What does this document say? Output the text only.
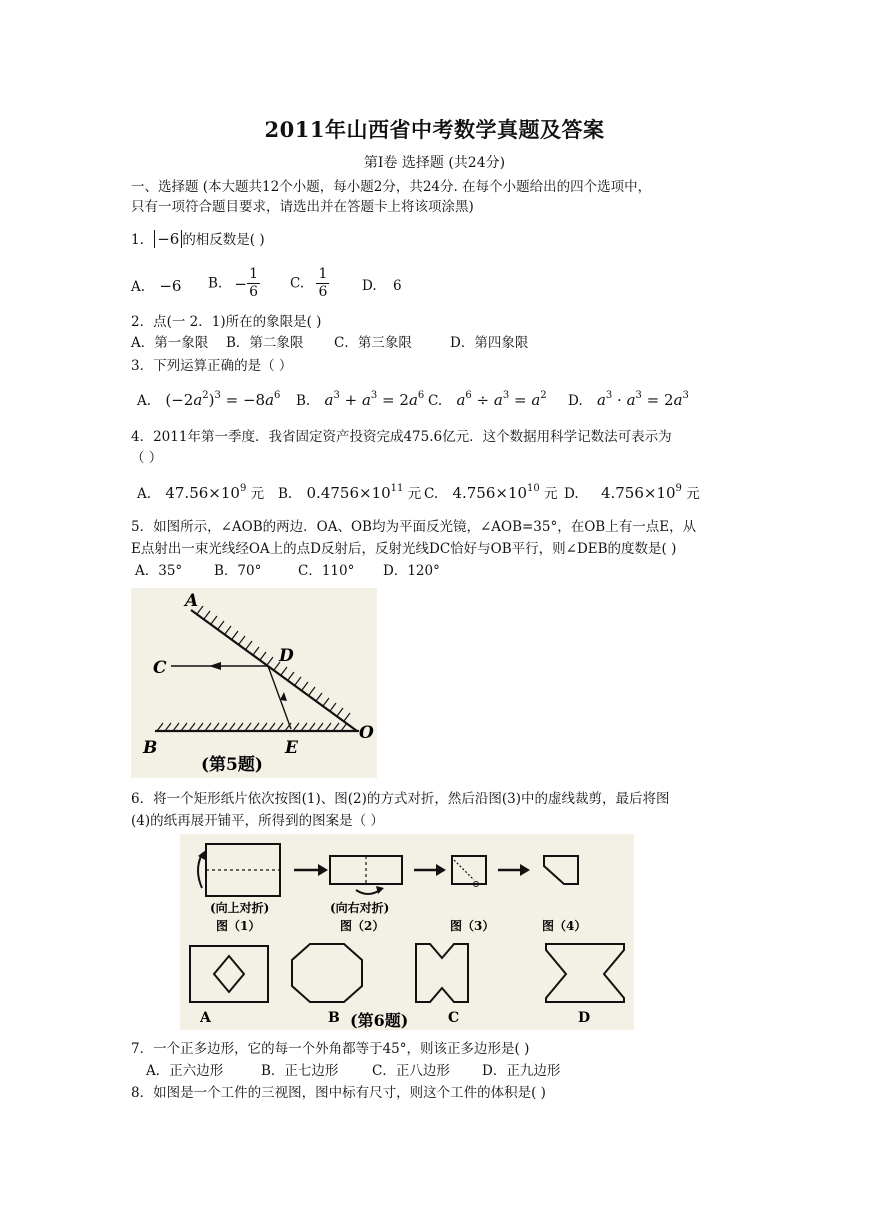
2011年山西省中考数学真题及答案
第Ⅰ卷 选择题 (共24分)
一、选择题 (本大题共12个小题，每小题2分，共24分. 在每个小题给出的四个选项中，
只有一项符合题目要求，请选出并在答题卡上将该项涂黑)
1. −6 的相反数是( )
A. −6 B. − $\frac{1}{6} C$. $\frac{1}{6} D$. 6
2．点(一 2．1)所在的象限是( )
A．第一象限 B．第二象限 C．第三象限	D．第四象限
3．下列运算正确的是（ ）
A. $(-2a^2)^3 = -8a^6$ B. $a^3 + a^3 = 2a^6$ C. $a^6 \div a^3 = a^2$ D. $a^3 \cdot a^3 = 2a^3$
4．2011年第一季度．我省固定资产投资完成475.6亿元．这个数据用科学记数法可表示为
（ ）
A. $47.56\times 10^9$ 元 B. $0.4756\times 10^{11}$ 元 C. $4.756\times 10^{10}$ 元 D. $4.756\times 10^9$ 元
5．如图所示，∠AOB的两边．OA、OB均为平面反光镜，∠AOB=35°，在OB上有一点E，从
E点射出一束光线经OA上的点D反射后，反射光线DC恰好与OB平行，则∠DEB的度数是( )
A．35° B．70°	C．110° D．120°
A
C
D
B	E
O
(第5题)
6．将一个矩形纸片依次按图(1)、图(2)的方式对折，然后沿图(3)中的虚线裁剪，最后将图
(4)的纸再展开铺平，所得到的图案是（ ）
(向上对折)	(向右对折)
图（1）	图（2）	图（3）	图（4）
A	B (第6题)	C	D
7．一个正多边形，它的每一个外角都等于45°，则该正多边形是( )
A．正六边形	B．正七边形 C．正八边形 D．正九边形
8．如图是一个工件的三视图，图中标有尺寸，则这个工件的体积是( )
